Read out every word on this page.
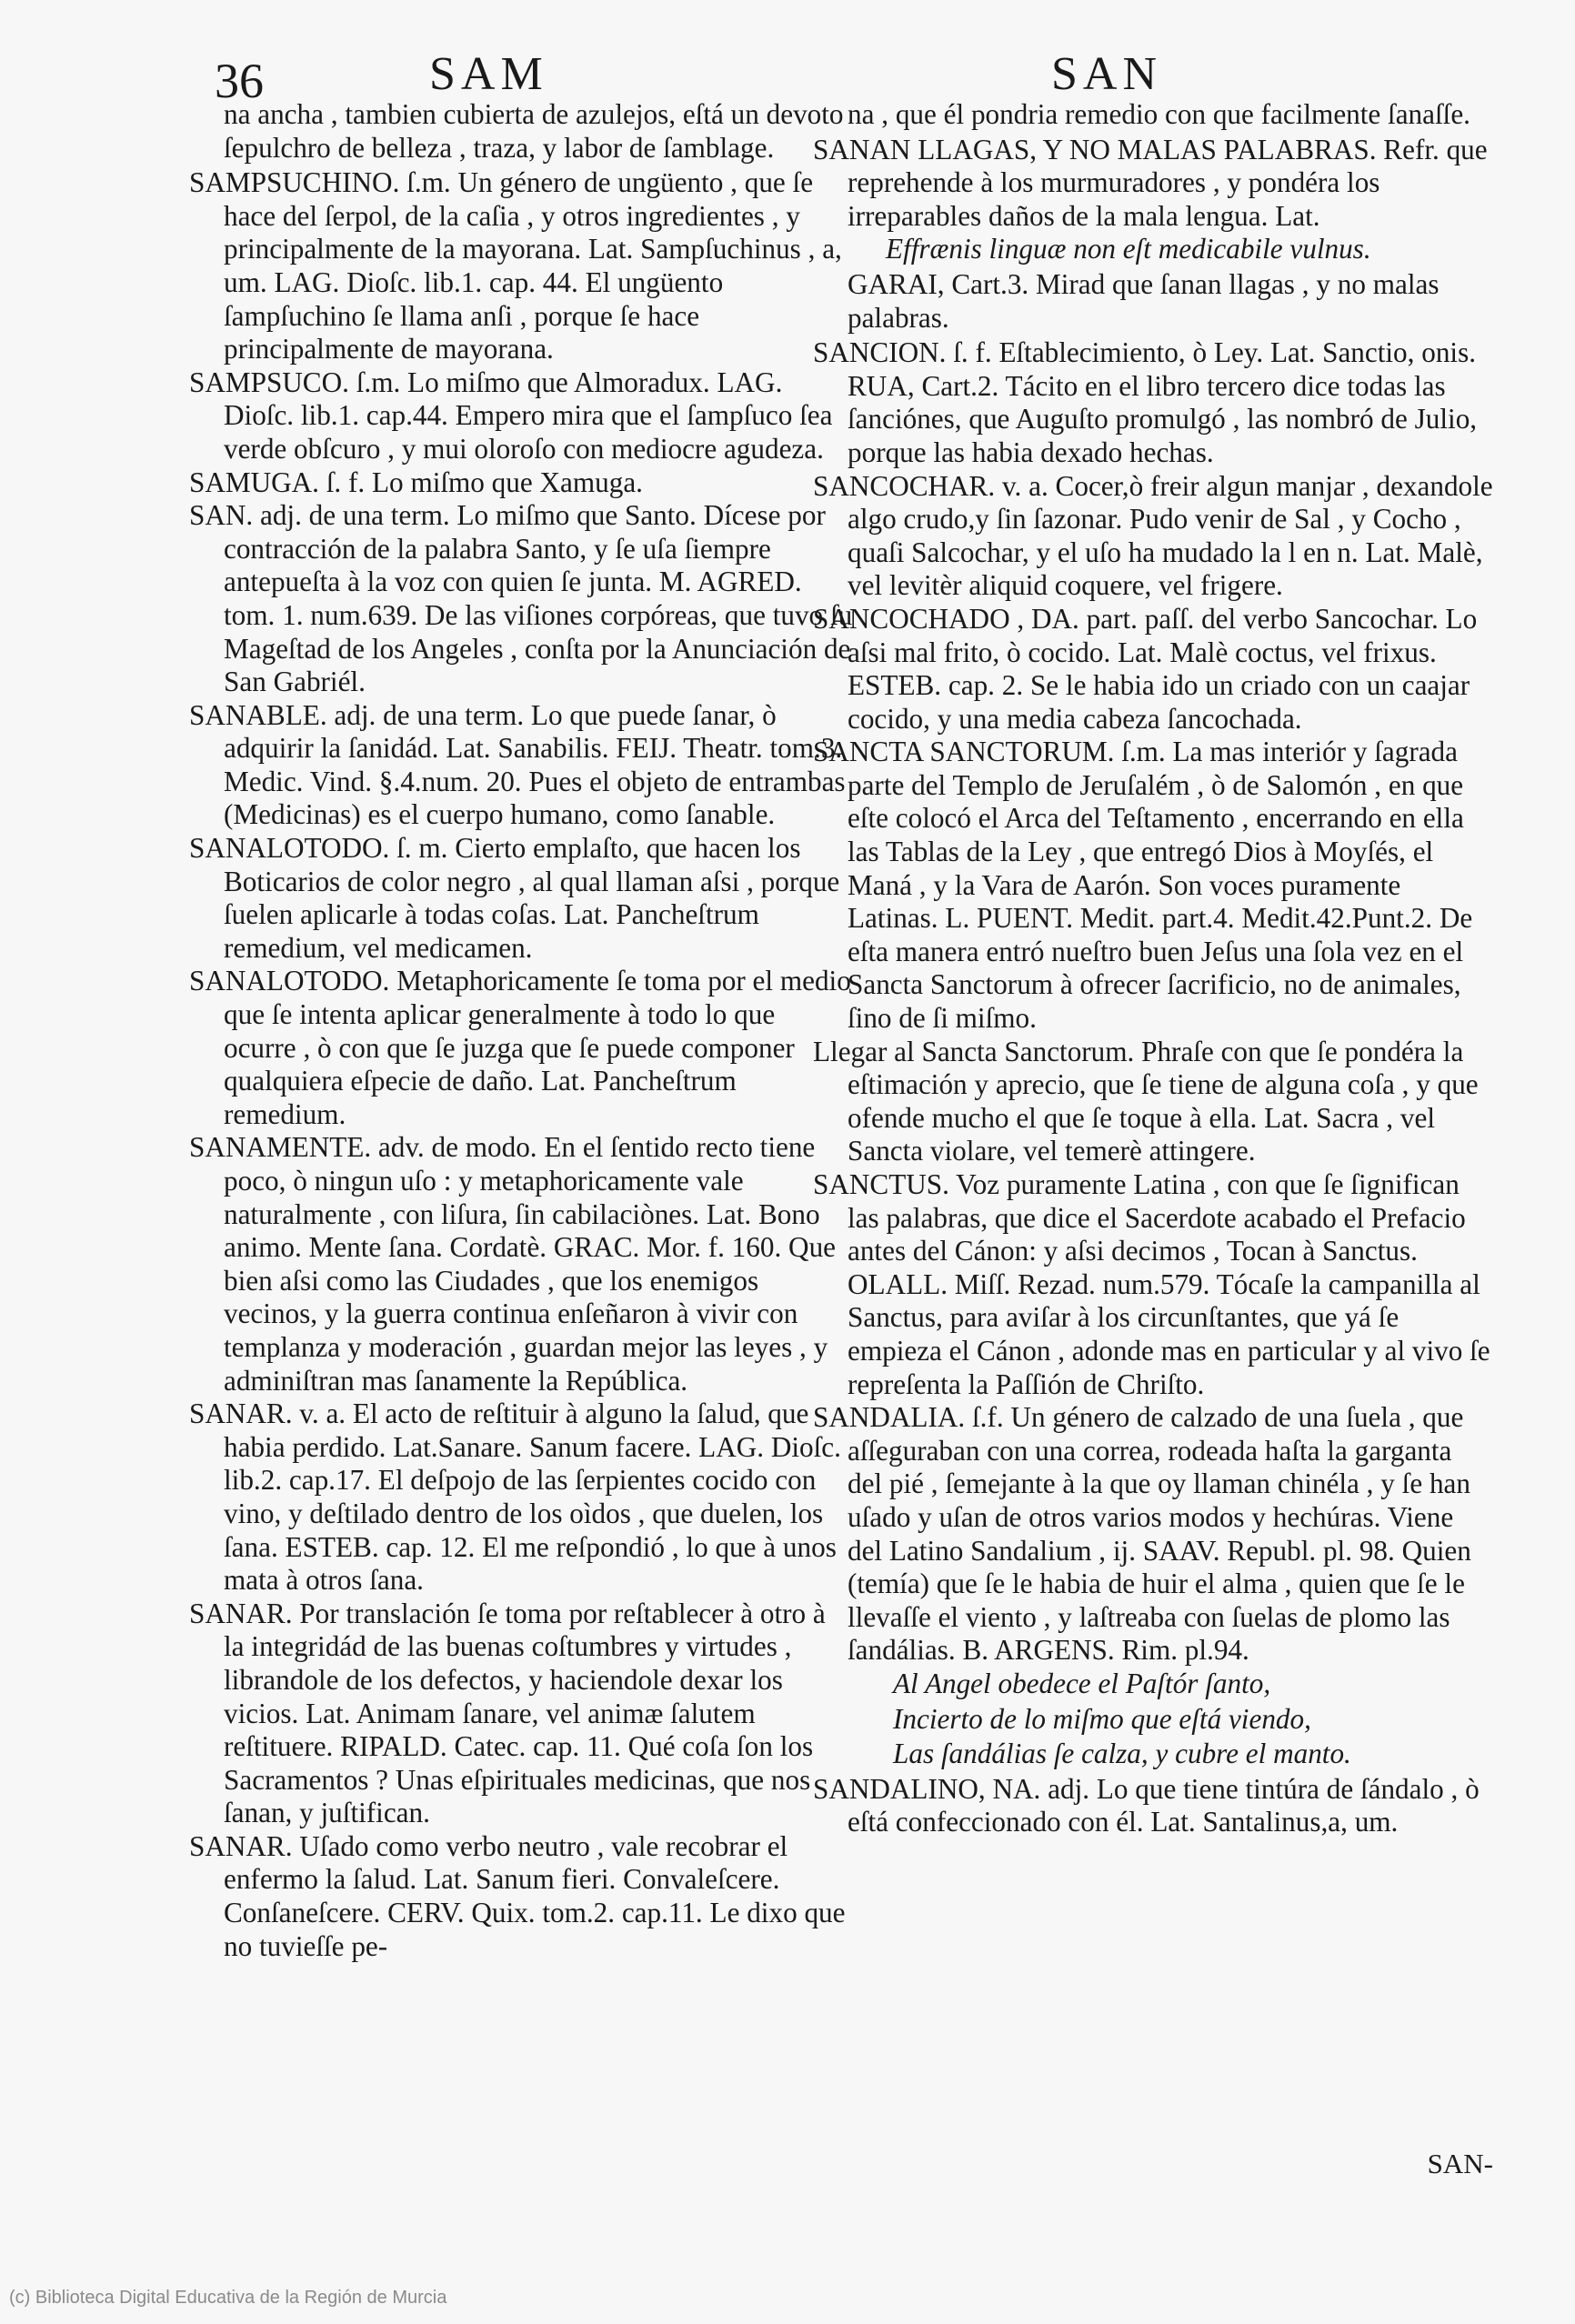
36	SAM	SAN

na ancha , tambien cubierta de azulejos, eſtá un devoto ſepulchro de belleza , traza, y labor de ſamblage.

SAMPSUCHINO. ſ.m. Un género de ungüento , que ſe hace del ſerpol, de la caſia , y otros ingredientes , y principalmente de la mayorana. Lat. Sampſuchinus , a, um. LAG. Dioſc. lib.1. cap. 44. El ungüento ſampſuchino ſe llama anſi , porque ſe hace principalmente de mayorana.

SAMPSUCO. ſ.m. Lo miſmo que Almoradux. LAG. Dioſc. lib.1. cap.44. Empero mira que el ſampſuco ſea verde obſcuro , y mui oloroſo con mediocre agudeza.

SAMUGA. ſ. f. Lo miſmo que Xamuga.

SAN. adj. de una term. Lo miſmo que Santo. Dícese por contracción de la palabra Santo, y ſe uſa ſiempre antepueſta à la voz con quien ſe junta. M. AGRED. tom. 1. num.639. De las viſiones corpóreas, que tuvo ſu Mageſtad de los Angeles , conſta por la Anunciación de San Gabriél.

SANABLE. adj. de una term. Lo que puede ſanar, ò adquirir la ſanidád. Lat. Sanabilis. FEIJ. Theatr. tom.3. Medic. Vind. §.4.num. 20. Pues el objeto de entrambas (Medicinas) es el cuerpo humano, como ſanable.

SANALOTODO. ſ. m. Cierto emplaſto, que hacen los Boticarios de color negro , al qual llaman aſsi , porque ſuelen aplicarle à todas coſas. Lat. Pancheſtrum remedium, vel medicamen.

SANALOTODO. Metaphoricamente ſe toma por el medio que ſe intenta aplicar generalmente à todo lo que ocurre , ò con que ſe juzga que ſe puede componer qualquiera eſpecie de daño. Lat. Pancheſtrum remedium.

SANAMENTE. adv. de modo. En el ſentido recto tiene poco, ò ningun uſo : y metaphoricamente vale naturalmente , con liſura, ſin cabilaciònes. Lat. Bono animo. Mente ſana. Cordatè. GRAC. Mor. f. 160. Que bien aſsi como las Ciudades , que los enemigos vecinos, y la guerra continua enſeñaron à vivir con templanza y moderación , guardan mejor las leyes , y adminiſtran mas ſanamente la República.

SANAR. v. a. El acto de reſtituir à alguno la ſalud, que habia perdido. Lat.Sanare. Sanum facere. LAG. Dioſc. lib.2. cap.17. El deſpojo de las ſerpientes cocido con vino, y deſtilado dentro de los oìdos , que duelen, los ſana. ESTEB. cap. 12. El me reſpondió , lo que à unos mata à otros ſana.

SANAR. Por translación ſe toma por reſtablecer à otro à la integridád de las buenas coſtumbres y virtudes , librandole de los defectos, y haciendole dexar los vicios. Lat. Animam ſanare, vel animæ ſalutem reſtituere. RIPALD. Catec. cap. 11. Qué coſa ſon los Sacramentos ? Unas eſpirituales medicinas, que nos ſanan, y juſtifican.

SANAR. Uſado como verbo neutro , vale recobrar el enfermo la ſalud. Lat. Sanum fieri. Convaleſcere. Conſaneſcere. CERV. Quix. tom.2. cap.11. Le dixo que no tuvieſſe pe-

na , que él pondria remedio con que facilmente ſanaſſe.

SANAN LLAGAS, Y NO MALAS PALABRAS. Refr. que reprehende à los murmuradores , y pondéra los irreparables daños de la mala lengua. Lat.

Effrænis linguæ non eſt medicabile vulnus.

GARAI, Cart.3. Mirad que ſanan llagas , y no malas palabras.

SANCION. ſ. f. Eſtablecimiento, ò Ley. Lat. Sanctio, onis. RUA, Cart.2. Tácito en el libro tercero dice todas las ſanciónes, que Auguſto promulgó , las nombró de Julio, porque las habia dexado hechas.

SANCOCHAR. v. a. Cocer,ò freir algun manjar , dexandole algo crudo,y ſin ſazonar. Pudo venir de Sal , y Cocho , quaſi Salcochar, y el uſo ha mudado la l en n. Lat. Malè, vel levitèr aliquid coquere, vel frigere.

SANCOCHADO , DA. part. paſſ. del verbo Sancochar. Lo aſsi mal frito, ò cocido. Lat. Malè coctus, vel frixus. ESTEB. cap. 2. Se le habia ido un criado con un caajar cocido, y una media cabeza ſancochada.

SANCTA SANCTORUM. ſ.m. La mas interiór y ſagrada parte del Templo de Jeruſalém , ò de Salomón , en que eſte colocó el Arca del Teſtamento , encerrando en ella las Tablas de la Ley , que entregó Dios à Moyſés, el Maná , y la Vara de Aarón. Son voces puramente Latinas. L. PUENT. Medit. part.4. Medit.42.Punt.2. De eſta manera entró nueſtro buen Jeſus una ſola vez en el Sancta Sanctorum à ofrecer ſacrificio, no de animales, ſino de ſi miſmo.

Llegar al Sancta Sanctorum. Phraſe con que ſe pondéra la eſtimación y aprecio, que ſe tiene de alguna coſa , y que ofende mucho el que ſe toque à ella. Lat. Sacra , vel Sancta violare, vel temerè attingere.

SANCTUS. Voz puramente Latina , con que ſe ſignifican las palabras, que dice el Sacerdote acabado el Prefacio antes del Cánon: y aſsi decimos , Tocan à Sanctus. OLALL. Miſſ. Rezad. num.579. Tócaſe la campanilla al Sanctus, para aviſar à los circunſtantes, que yá ſe empieza el Cánon , adonde mas en particular y al vivo ſe repreſenta la Paſſión de Chriſto.

SANDALIA. ſ.f. Un género de calzado de una ſuela , que aſſeguraban con una correa, rodeada haſta la garganta del pié , ſemejante à la que oy llaman chinéla , y ſe han uſado y uſan de otros varios modos y hechúras. Viene del Latino Sandalium , ij. SAAV. Republ. pl. 98. Quien (temía) que ſe le habia de huir el alma , quien que ſe le llevaſſe el viento , y laſtreaba con ſuelas de plomo las ſandálias. B. ARGENS. Rim. pl.94.

Al Angel obedece el Paſtór ſanto,

Incierto de lo miſmo que eſtá viendo,

Las ſandálias ſe calza, y cubre el manto.

SANDALINO, NA. adj. Lo que tiene tintúra de ſándalo , ò eſtá confeccionado con él. Lat. Santalinus,a, um.

SAN-
(c) Biblioteca Digital Educativa de la Región de Murcia
